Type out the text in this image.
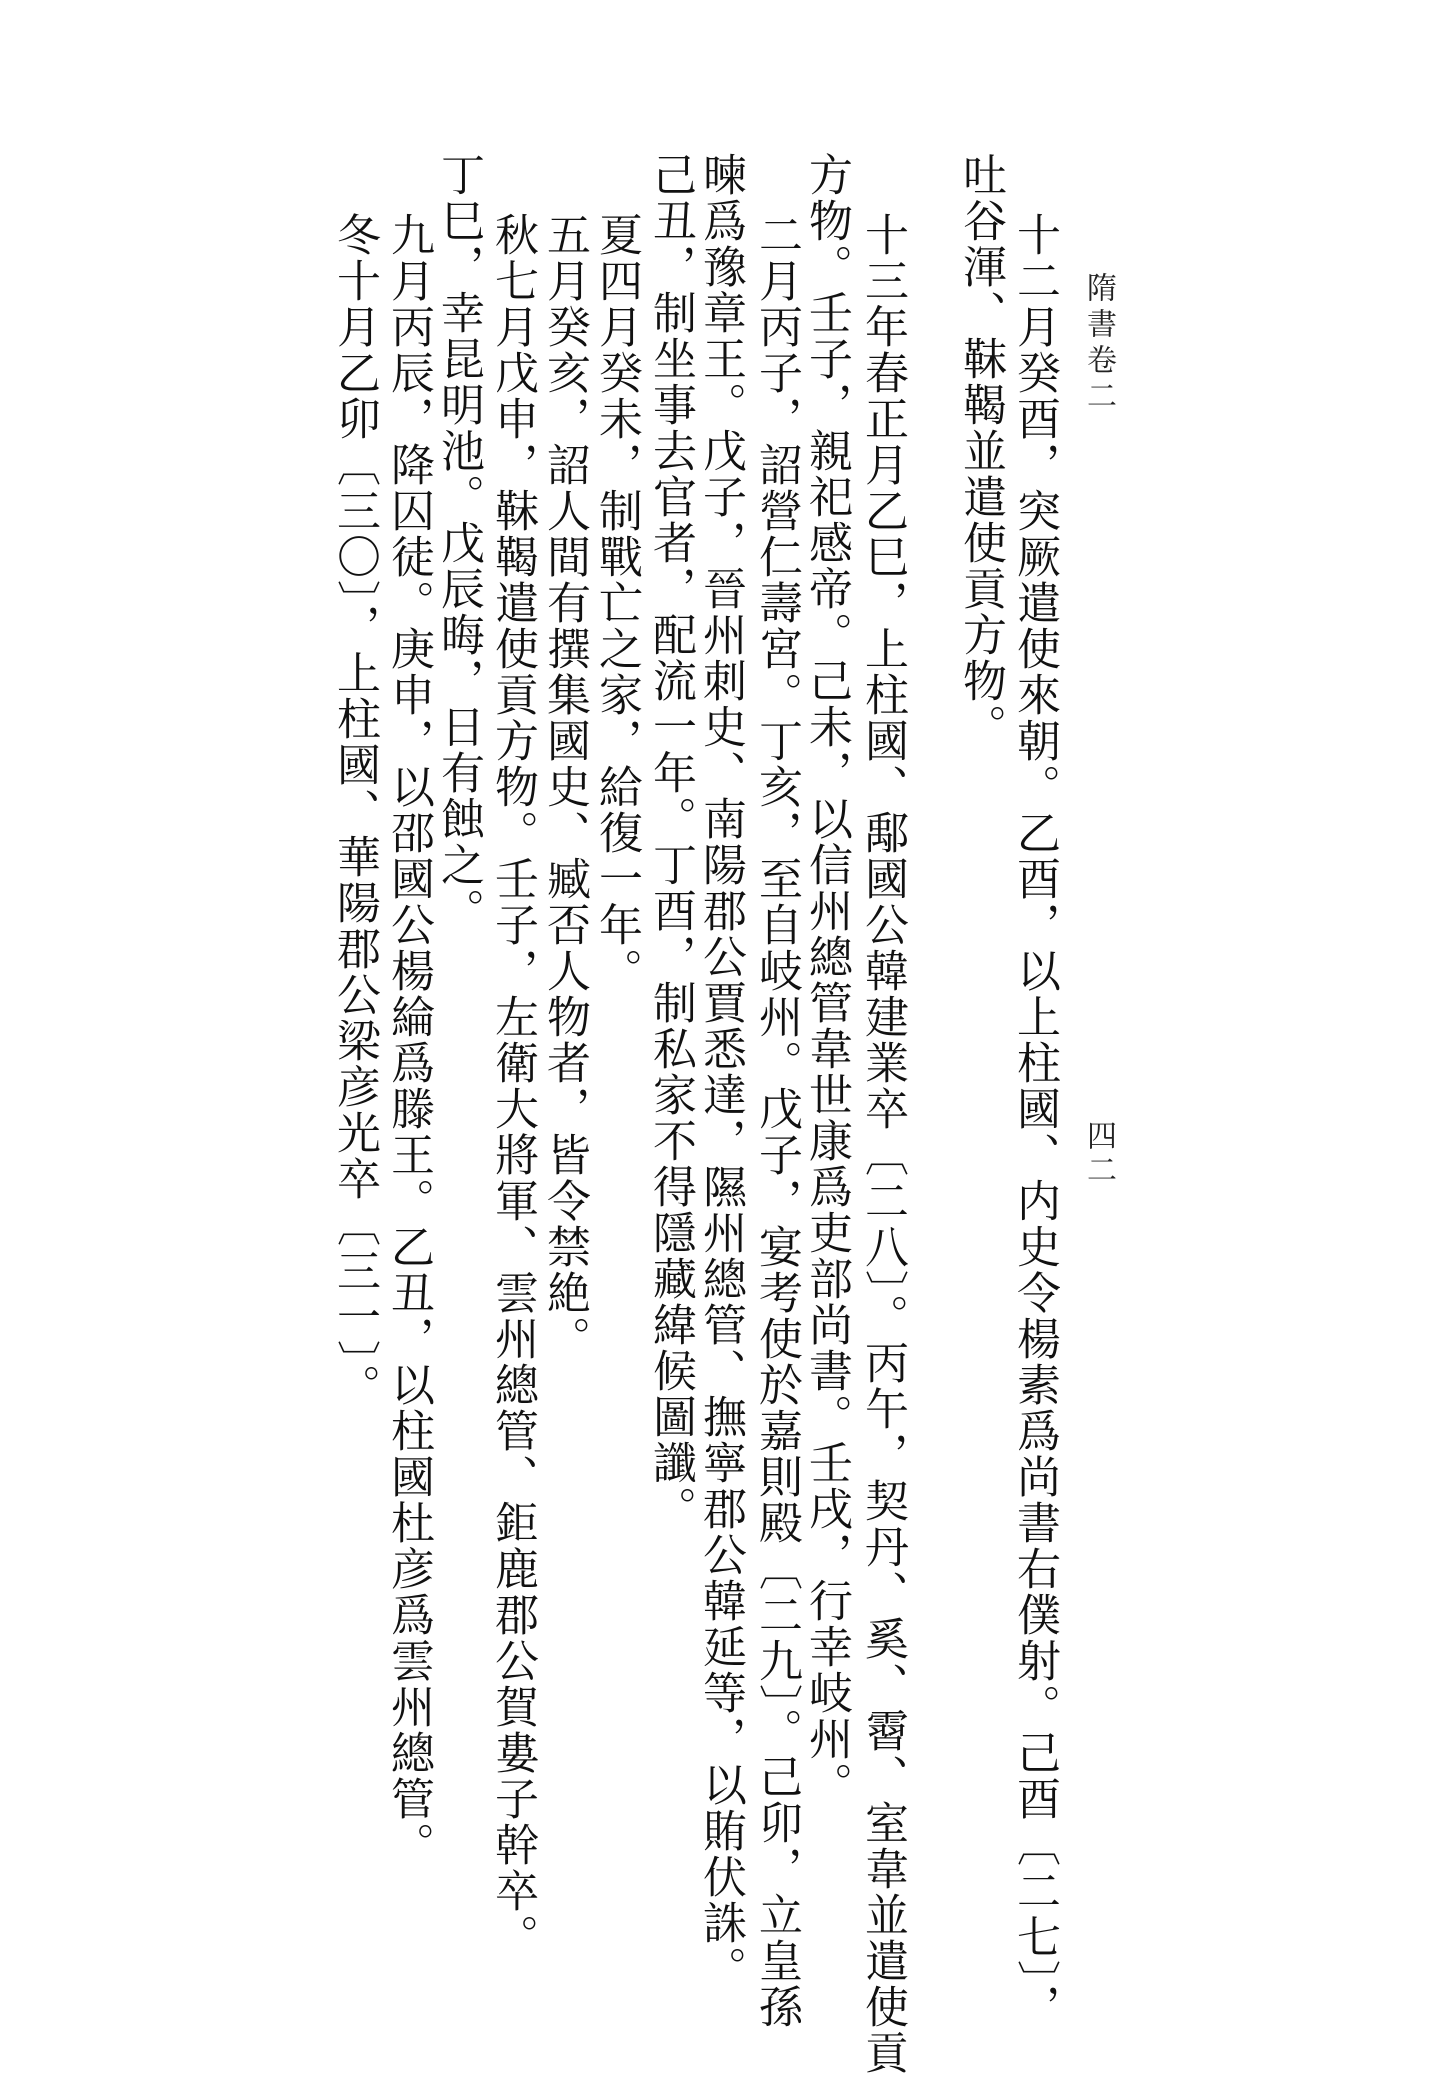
隋書卷二
四二
十二月癸酉，突厥遣使來朝。乙酉，以上柱國、内史令楊素爲尚書右僕射。己酉〔二七〕，
吐谷渾、靺鞨並遣使貢方物。
十三年春正月乙巳，上柱國、鄅國公韓建業卒〔二八〕。丙午，契丹、奚、霫、室韋並遣使貢
方物。壬子，親祀感帝。己未，以信州總管韋世康爲吏部尚書。壬戌，行幸岐州。
二月丙子，詔營仁壽宮。丁亥，至自岐州。戊子，宴考使於嘉則殿〔二九〕。己卯，立皇孫
暕爲豫章王。戊子，晉州刺史、南陽郡公賈悉達，隰州總管、撫寧郡公韓延等，以賄伏誅。
己丑，制坐事去官者，配流一年。丁酉，制私家不得隱藏緯候圖讖。
夏四月癸未，制戰亡之家，給復一年。
五月癸亥，詔人間有撰集國史、臧否人物者，皆令禁絶。
秋七月戊申，靺鞨遣使貢方物。壬子，左衛大將軍、雲州總管、鉅鹿郡公賀婁子幹卒。
九月丙辰，降囚徒。庚申，以邵國公楊綸爲滕王。乙丑，以柱國杜彦爲雲州總管。 丁巳，幸昆明池。戊辰晦，日有蝕之。
冬十月乙卯〔三〇〕，上柱國、華陽郡公梁彦光卒〔三一〕。
